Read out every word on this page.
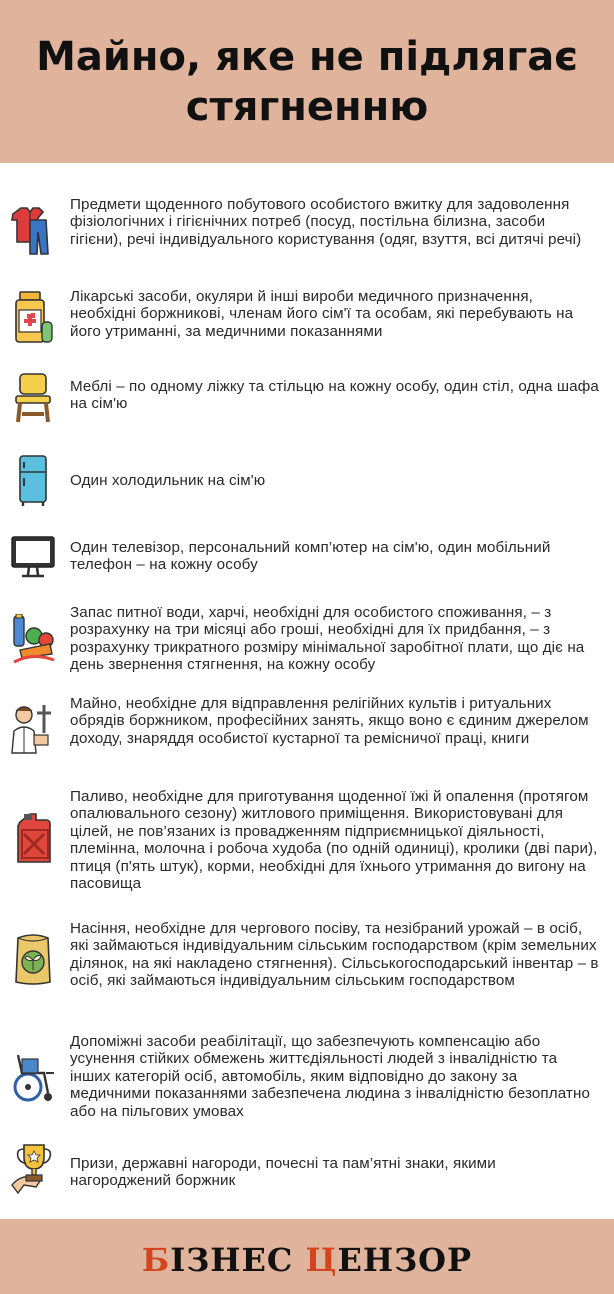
Майно, яке не підлягає стягненню

Предмети щоденного побутового особистого вжитку для задоволення фізіологічних і гігієнічних потреб (посуд, постільна білизна, засоби гігієни), речі індивідуального користування (одяг, взуття, всі дитячі речі)

Лікарські засоби, окуляри й інші вироби медичного призначення, необхідні боржникові, членам його сім'ї та особам, які перебувають на його утриманні, за медичними показаннями

Меблі – по одному ліжку та стільцю на кожну особу, один стіл, одна шафа на сім'ю

Один холодильник на сім'ю

Один телевізор, персональний комп’ютер на сім'ю, один мобільний телефон – на кожну особу

Запас питної води, харчі, необхідні для особистого споживання, – з розрахунку на три місяці або гроші, необхідні для їх придбання, – з розрахунку трикратного розміру мінімальної заробітної плати, що діє на день звернення стягнення, на кожну особу

Майно, необхідне для відправлення релігійних культів і ритуальних обрядів боржником, професійних занять, якщо воно є єдиним джерелом доходу, знаряддя особистої кустарної та ремісничої праці, книги

Паливо, необхідне для приготування щоденної їжі й опалення (протягом опалювального сезону) житлового приміщення. Використовувані для цілей, не пов’язаних із провадженням підприємницької діяльності, племінна, молочна і робоча худоба (по одній одиниці), кролики (дві пари), птиця (п'ять штук), корми, необхідні для їхнього утримання до вигону на пасовища

Насіння, необхідне для чергового посіву, та незібраний урожай – в осіб, які займаються індивідуальним сільським господарством (крім земельних ділянок, на які накладено стягнення). Сільськогосподарський інвентар – в осіб, які займаються індивідуальним сільським господарством

Допоміжні засоби реабілітації, що забезпечують компенсацію або усунення стійких обмежень життєдіяльності людей з інвалідністю та інших категорій осіб, автомобіль, яким відповідно до закону за медичними показаннями забезпечена людина з інвалідністю безоплатно або на пільгових умовах

Призи, державні нагороди, почесні та пам’ятні знаки, якими нагороджений боржник

БІЗНЕС ЦЕНЗОР
